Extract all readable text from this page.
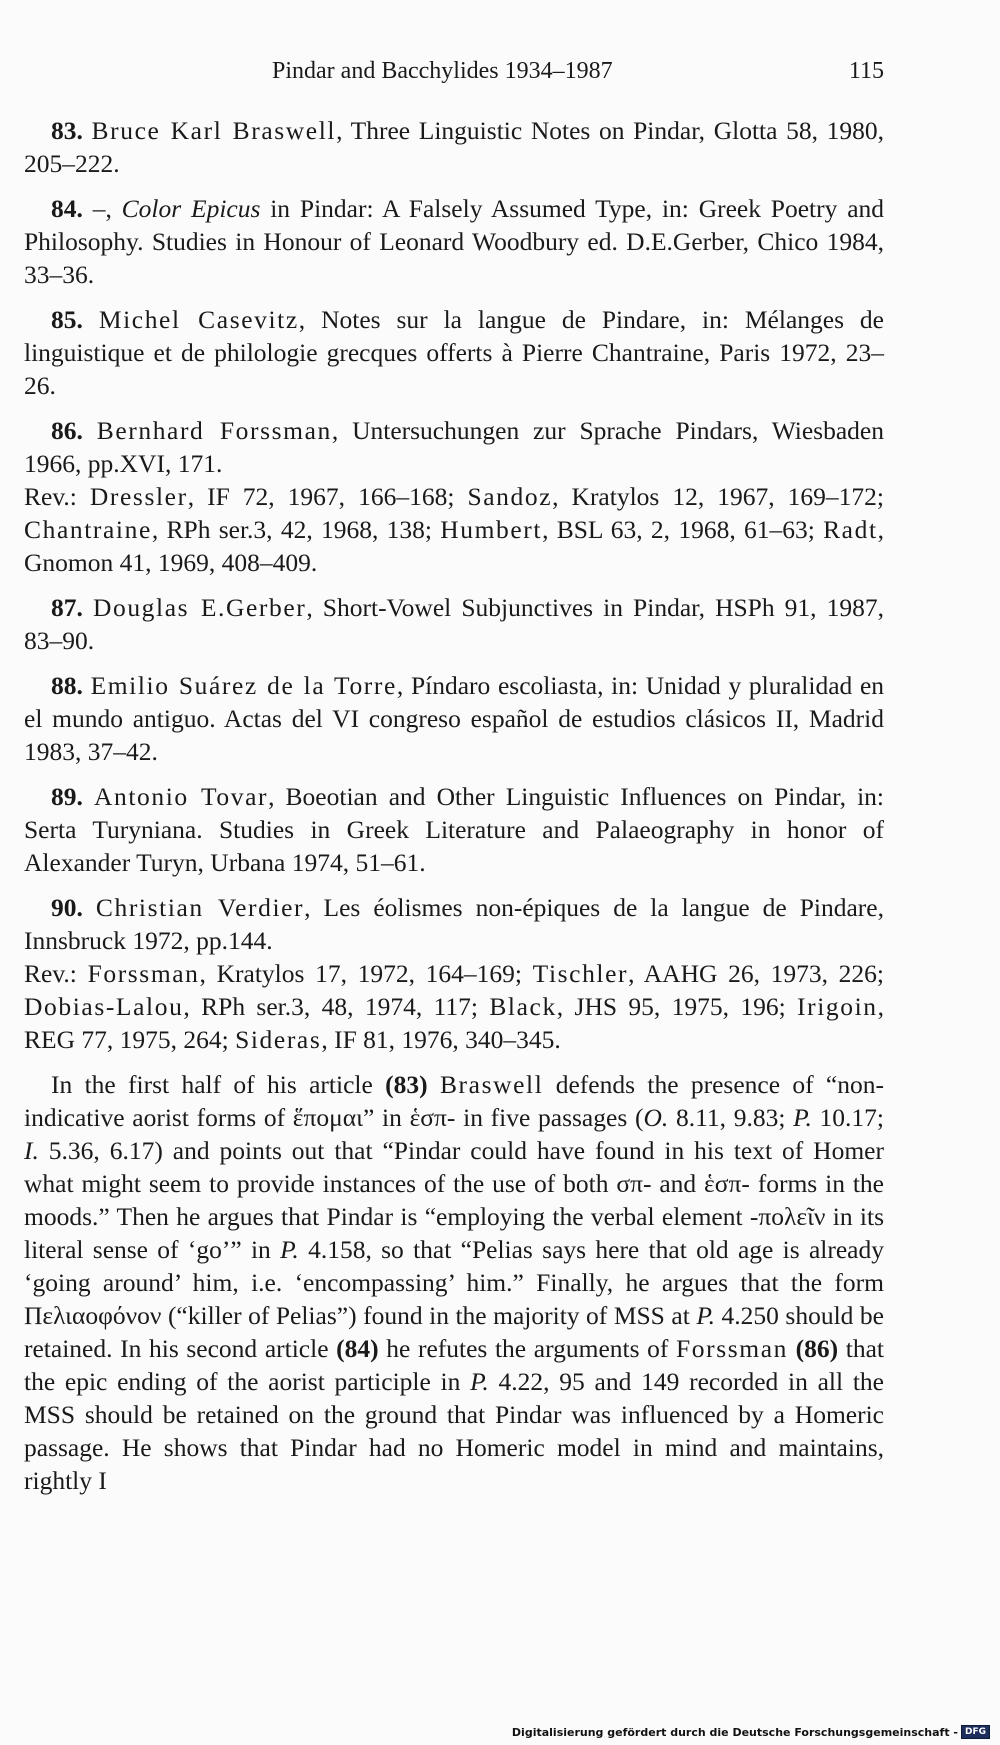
Pindar and Bacchylides 1934–1987	115

83. Bruce Karl Braswell, Three Linguistic Notes on Pindar, Glotta 58, 1980, 205–222.

84. –, Color Epicus in Pindar: A Falsely Assumed Type, in: Greek Poetry and Philosophy. Studies in Honour of Leonard Woodbury ed. D.E.Gerber, Chico 1984, 33–36.

85. Michel Casevitz, Notes sur la langue de Pindare, in: Mélanges de linguistique et de philologie grecques offerts à Pierre Chantraine, Paris 1972, 23–26.

86. Bernhard Forssman, Untersuchungen zur Sprache Pindars, Wiesbaden 1966, pp.XVI, 171.

Rev.: Dressler, IF 72, 1967, 166–168; Sandoz, Kratylos 12, 1967, 169–172; Chantraine, RPh ser.3, 42, 1968, 138; Humbert, BSL 63, 2, 1968, 61–63; Radt, Gnomon 41, 1969, 408–409.

87. Douglas E.Gerber, Short-Vowel Subjunctives in Pindar, HSPh 91, 1987, 83–90.

88. Emilio Suárez de la Torre, Píndaro escoliasta, in: Unidad y pluralidad en el mundo antiguo. Actas del VI congreso español de estudios clásicos II, Madrid 1983, 37–42.

89. Antonio Tovar, Boeotian and Other Linguistic Influences on Pindar, in: Serta Turyniana. Studies in Greek Literature and Palaeography in honor of Alexander Turyn, Urbana 1974, 51–61.

90. Christian Verdier, Les éolismes non-épiques de la langue de Pindare, Innsbruck 1972, pp.144.

Rev.: Forssman, Kratylos 17, 1972, 164–169; Tischler, AAHG 26, 1973, 226; Dobias-Lalou, RPh ser.3, 48, 1974, 117; Black, JHS 95, 1975, 196; Irigoin, REG 77, 1975, 264; Sideras, IF 81, 1976, 340–345.

In the first half of his article (83) Braswell defends the presence of “non-indicative aorist forms of ἕπομαι” in ἑσπ- in five passages (O. 8.11, 9.83; P. 10.17; I. 5.36, 6.17) and points out that “Pindar could have found in his text of Homer what might seem to provide instances of the use of both σπ- and ἑσπ- forms in the moods.” Then he argues that Pindar is “employing the verbal element -πολεῖν in its literal sense of ‘go’” in P. 4.158, so that “Pelias says here that old age is already ‘going around’ him, i.e. ‘encompassing’ him.” Finally, he argues that the form Πελιαοφόνον (“killer of Pelias”) found in the majority of MSS at P. 4.250 should be retained. In his second article (84) he refutes the arguments of Forssman (86) that the epic ending of the aorist participle in P. 4.22, 95 and 149 recorded in all the MSS should be retained on the ground that Pindar was influenced by a Homeric passage. He shows that Pindar had no Homeric model in mind and maintains, rightly I

Digitalisierung gefördert durch die Deutsche Forschungsgemeinschaft - DFG
